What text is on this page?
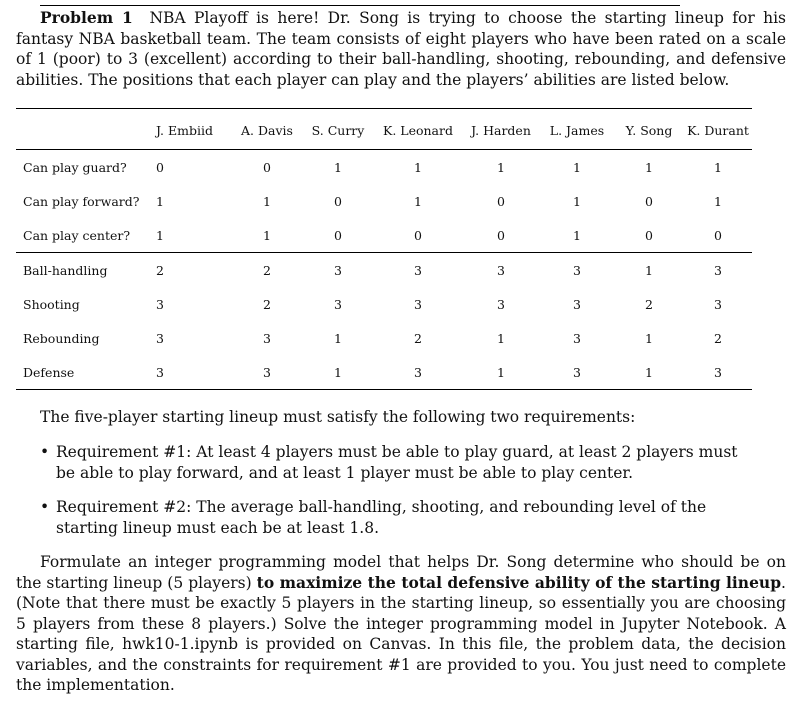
Problem 1 NBA Playoff is here! Dr. Song is trying to choose the starting lineup for his fantasy NBA basketball team. The team consists of eight players who have been rated on a scale of 1 (poor) to 3 (excellent) according to their ball-handling, shooting, rebounding, and defensive abilities. The positions that each player can play and the players’ abilities are listed below.

	J. Embiid	A. Davis	S. Curry	K. Leonard	J. Harden	L. James	Y. Song	K. Durant
Can play guard?	0	0	1	1	1	1	1	1
Can play forward?	1	1	0	1	0	1	0	1
Can play center?	1	1	0	0	0	1	0	0
Ball-handling	2	2	3	3	3	3	1	3
Shooting	3	2	3	3	3	3	2	3
Rebounding	3	3	1	2	1	3	1	2
Defense	3	3	1	3	1	3	1	3

The five-player starting lineup must satisfy the following two requirements:

• Requirement #1: At least 4 players must be able to play guard, at least 2 players must be able to play forward, and at least 1 player must be able to play center.
• Requirement #2: The average ball-handling, shooting, and rebounding level of the starting lineup must each be at least 1.8.

Formulate an integer programming model that helps Dr. Song determine who should be on the starting lineup (5 players) to maximize the total defensive ability of the starting lineup. (Note that there must be exactly 5 players in the starting lineup, so essentially you are choosing 5 players from these 8 players.) Solve the integer programming model in Jupyter Notebook. A starting file, hwk10-1.ipynb is provided on Canvas. In this file, the problem data, the decision variables, and the constraints for requirement #1 are provided to you. You just need to complete the implementation.
